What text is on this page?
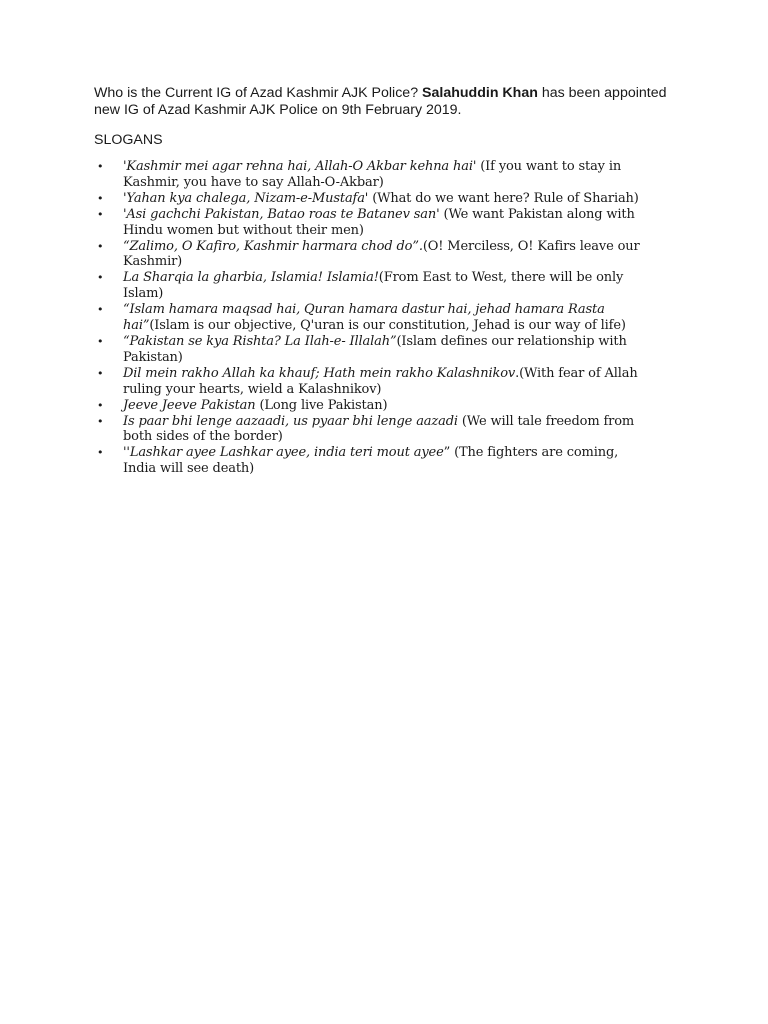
Who is the Current IG of Azad Kashmir AJK Police? Salahuddin Khan has been appointed new IG of Azad Kashmir AJK Police on 9th February 2019.

SLOGANS

• 'Kashmir mei agar rehna hai, Allah-O Akbar kehna hai' (If you want to stay in Kashmir, you have to say Allah-O-Akbar)
• 'Yahan kya chalega, Nizam-e-Mustafa' (What do we want here? Rule of Shariah)
• 'Asi gachchi Pakistan, Batao roas te Batanev san' (We want Pakistan along with Hindu women but without their men)
• “Zalimo, O Kafiro, Kashmir harmara chod do”.(O! Merciless, O! Kafirs leave our Kashmir)
• La Sharqia la gharbia, Islamia! Islamia!(From East to West, there will be only Islam)
• “Islam hamara maqsad hai, Quran hamara dastur hai, jehad hamara Rasta hai”(Islam is our objective, Q'uran is our constitution, Jehad is our way of life)
• “Pakistan se kya Rishta? La Ilah-e- Illalah”(Islam defines our relationship with Pakistan)
• Dil mein rakho Allah ka khauf; Hath mein rakho Kalashnikov.(With fear of Allah ruling your hearts, wield a Kalashnikov)
• Jeeve Jeeve Pakistan (Long live Pakistan)
• Is paar bhi lenge aazaadi, us pyaar bhi lenge aazadi (We will tale freedom from both sides of the border)
• ''Lashkar ayee Lashkar ayee, india teri mout ayee” (The fighters are coming, India will see death)
